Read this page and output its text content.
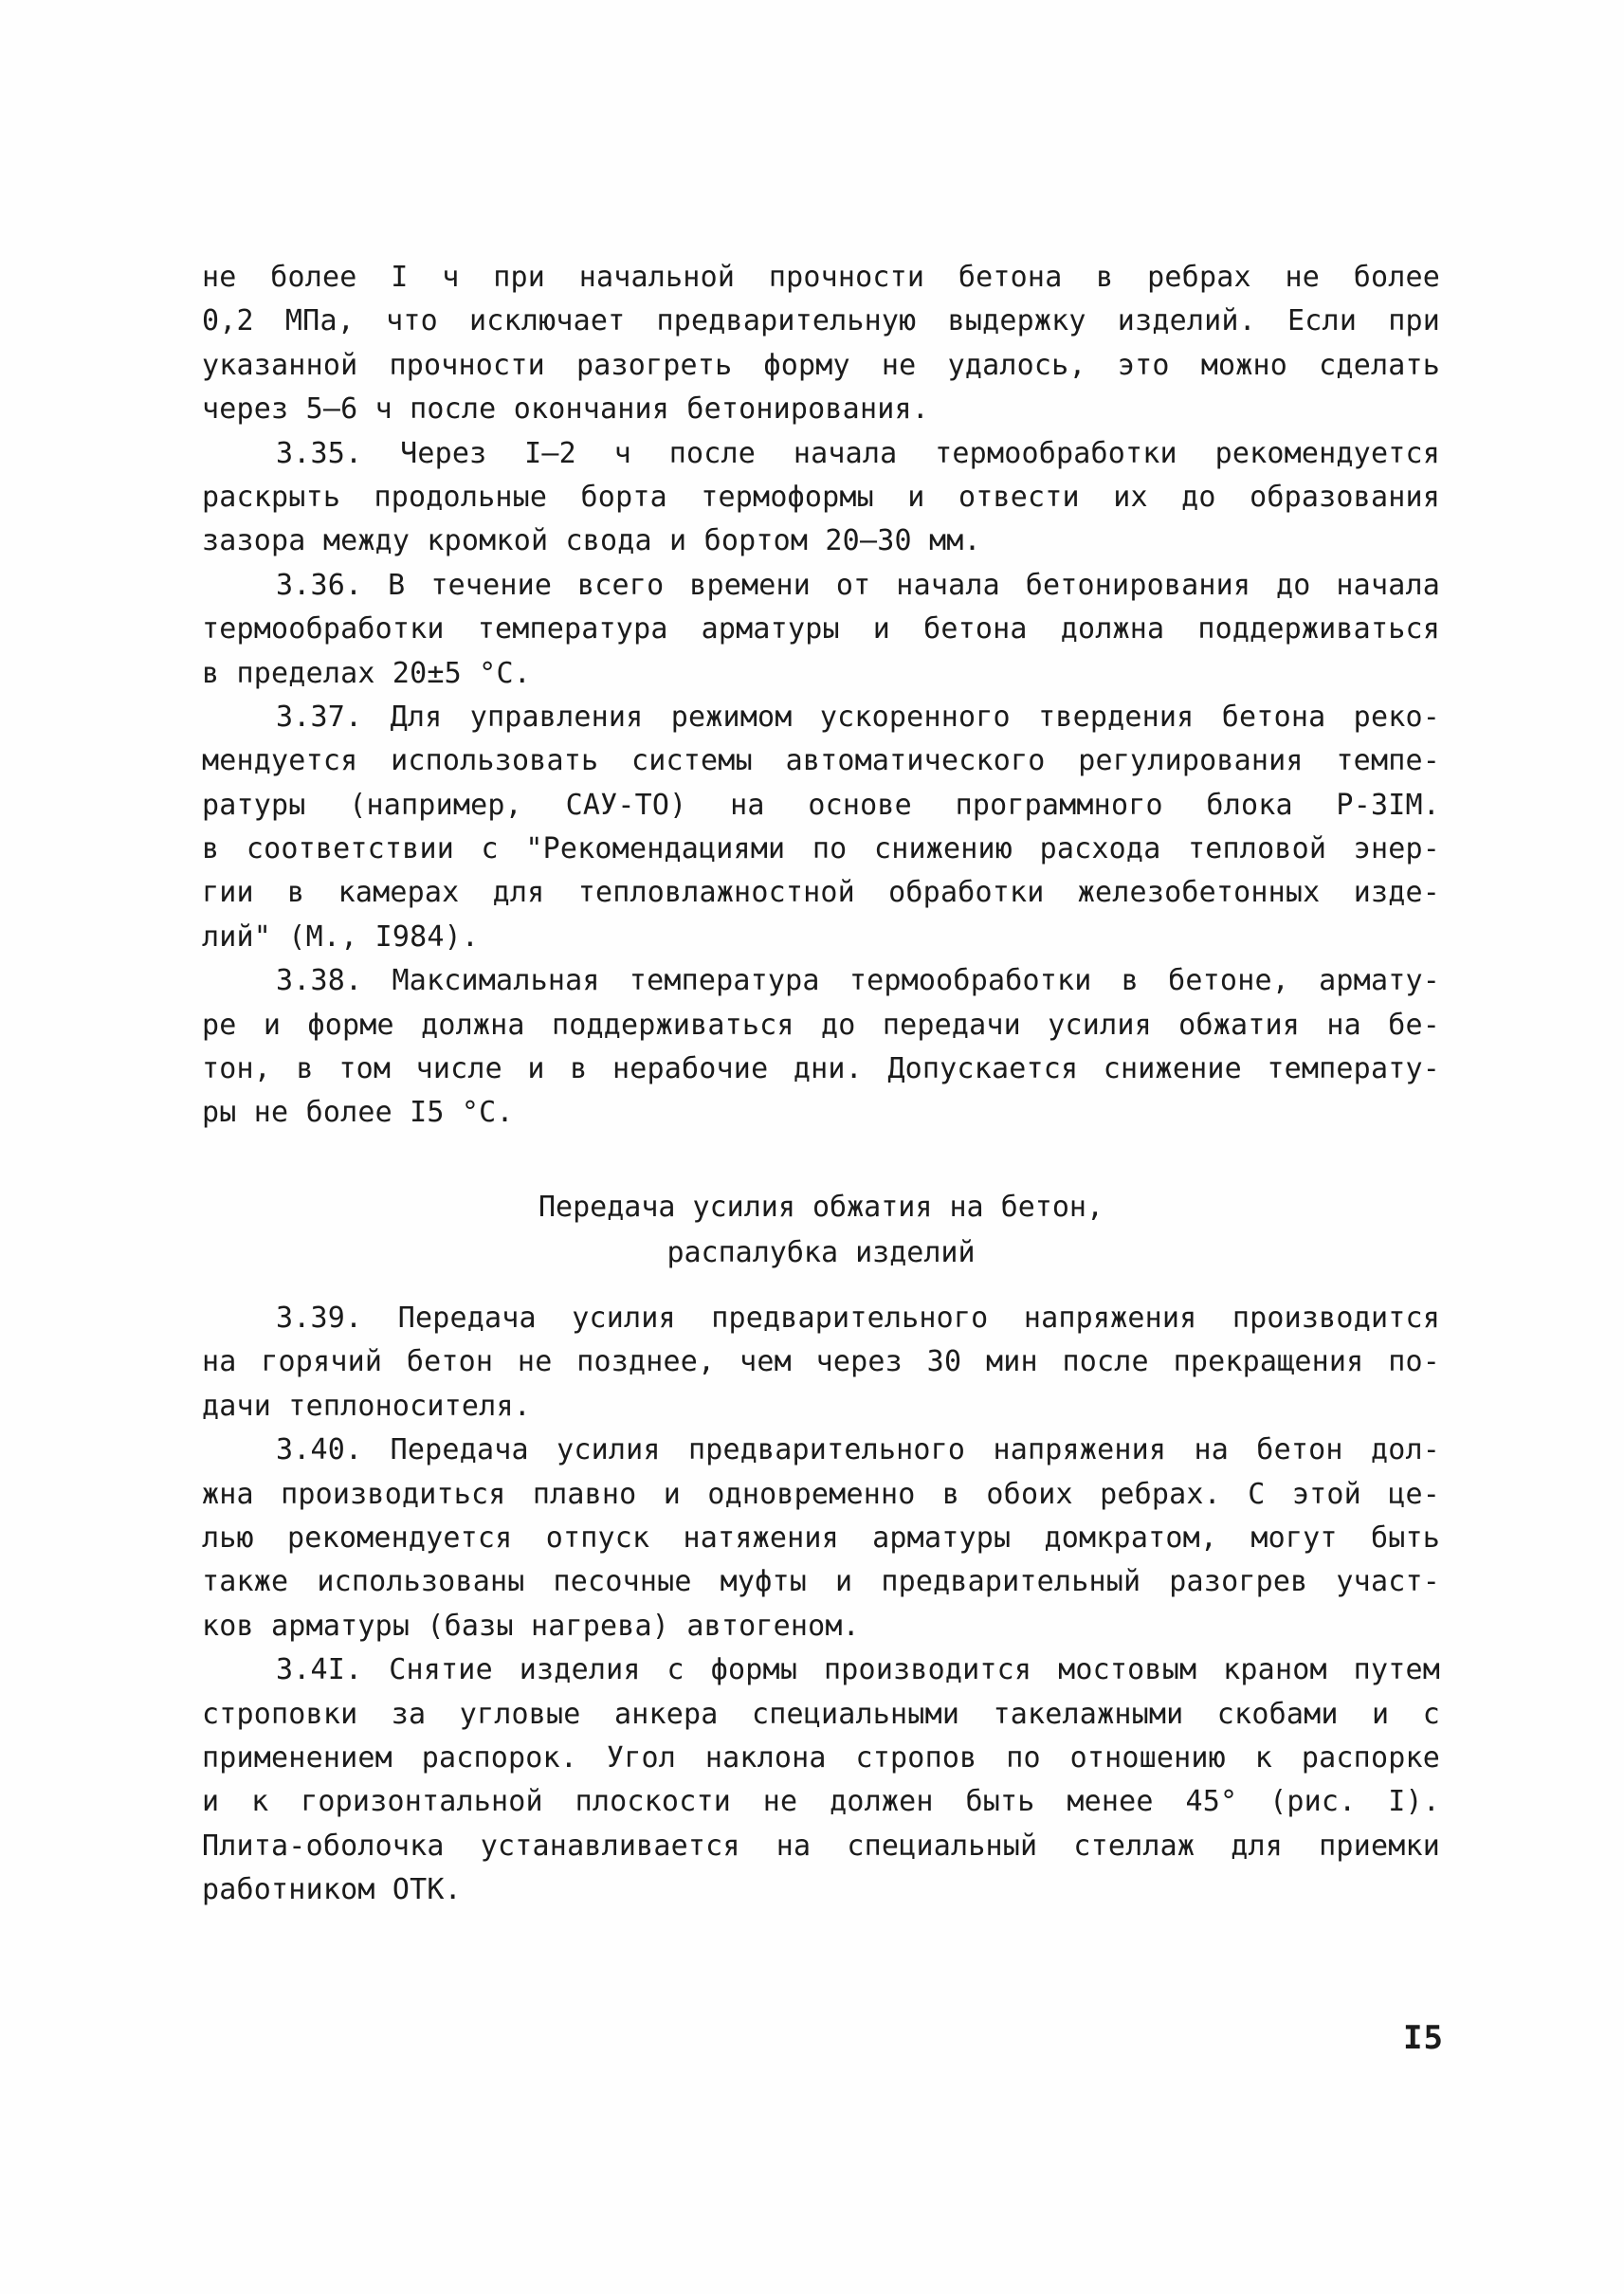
не более I ч при начальной прочности бетона в ребрах не более
0,2 МПа, что исключает предварительную выдержку изделий. Если при
указанной прочности разогреть форму не удалось, это можно сделать
через 5–6 ч после окончания бетонирования.
3.35. Через I–2 ч после начала термообработки рекомендуется
раскрыть продольные борта термоформы и отвести их до образования
зазора между кромкой свода и бортом 20–30 мм.
3.36. В течение всего времени от начала бетонирования до начала
термообработки температура арматуры и бетона должна поддерживаться
в пределах 20±5 °С.
3.37. Для управления режимом ускоренного твердения бетона реко-
мендуется использовать системы автоматического регулирования темпе-
ратуры (например, САУ-ТО) на основе программного блока Р-3IМ.
в соответствии с "Рекомендациями по снижению расхода тепловой энер-
гии в камерах для тепловлажностной обработки железобетонных изде-
лий" (М., I984).
3.38. Максимальная температура термообработки в бетоне, армату-
ре и форме должна поддерживаться до передачи усилия обжатия на бе-
тон, в том числе и в нерабочие дни. Допускается снижение температу-
ры не более I5 °С.
Передача усилия обжатия на бетон,
распалубка изделий
3.39. Передача усилия предварительного напряжения производится
на горячий бетон не позднее, чем через 30 мин после прекращения по-
дачи теплоносителя.
3.40. Передача усилия предварительного напряжения на бетон дол-
жна производиться плавно и одновременно в обоих ребрах. С этой це-
лью рекомендуется отпуск натяжения арматуры домкратом, могут быть
также использованы песочные муфты и предварительный разогрев участ-
ков арматуры (базы нагрева) автогеном.
3.4I. Снятие изделия с формы производится мостовым краном путем
строповки за угловые анкера специальными такелажными скобами и с
применением распорок. Угол наклона стропов по отношению к распорке
и к горизонтальной плоскости не должен быть менее 45° (рис. I).
Плита-оболочка устанавливается на специальный стеллаж для приемки
работником ОТК.
I5
